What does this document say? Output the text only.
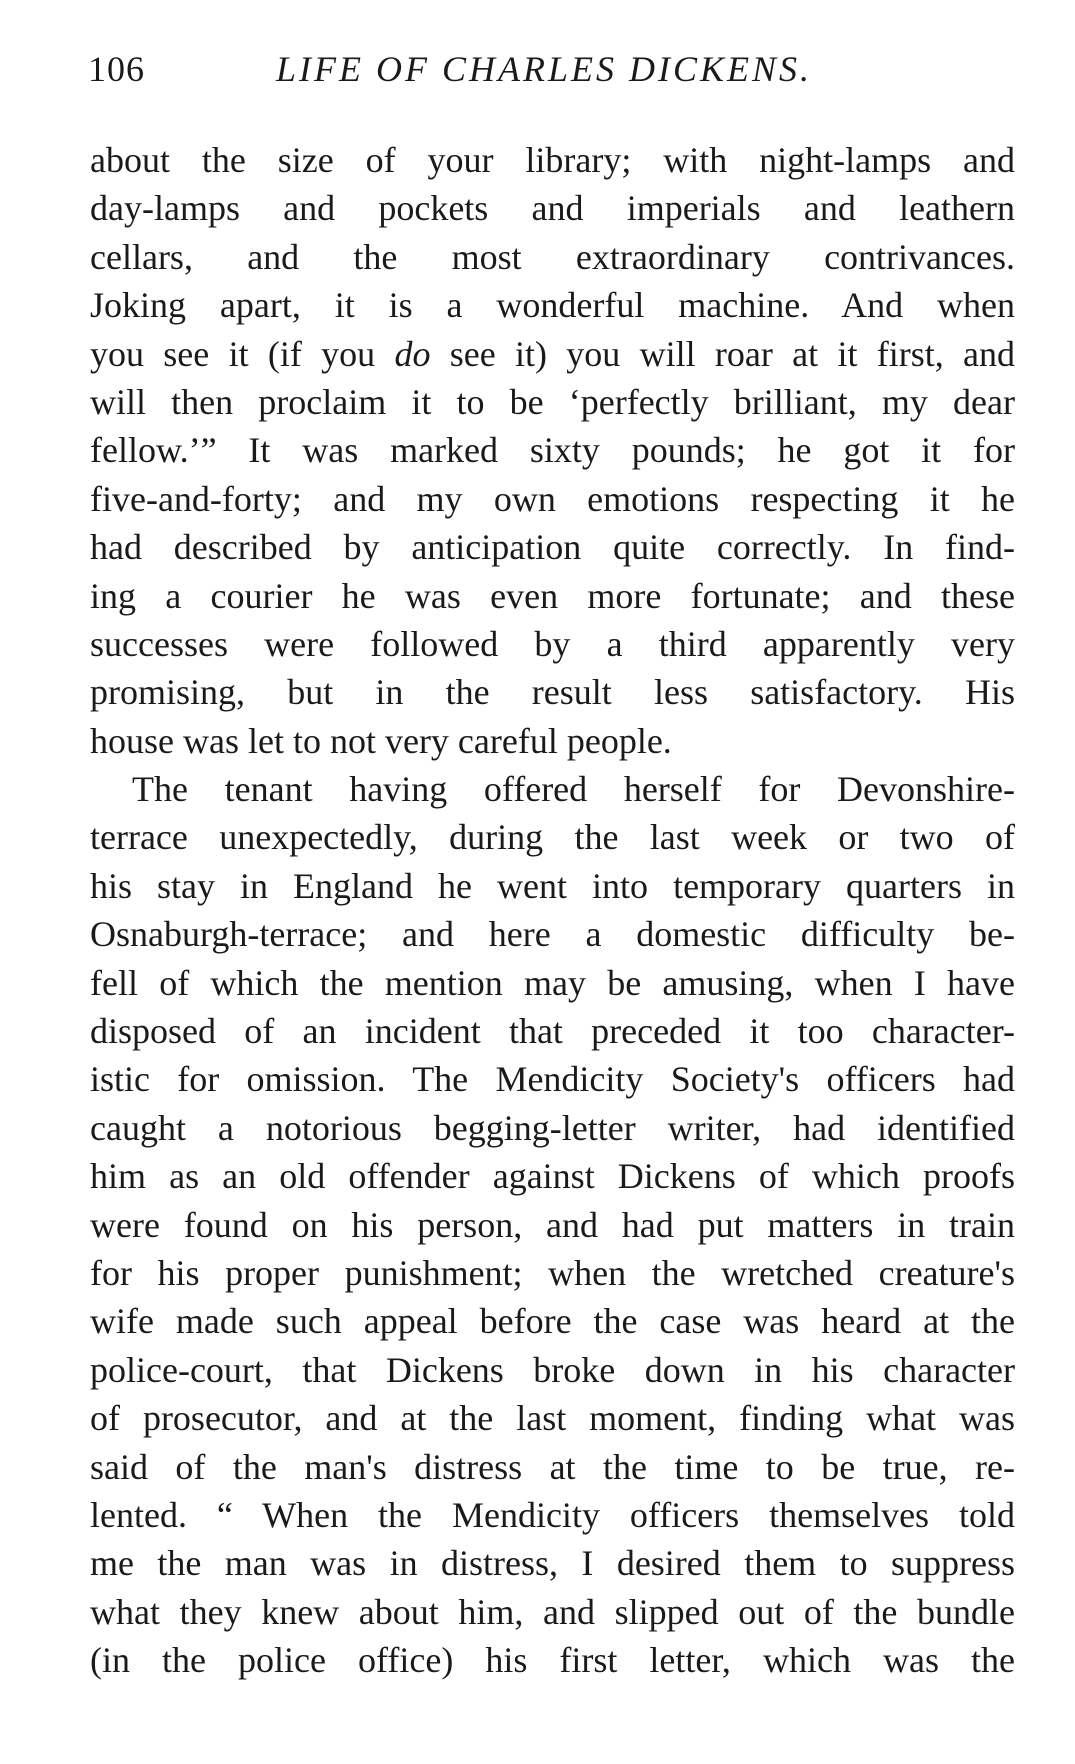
106	LIFE OF CHARLES DICKENS.
about the size of your library; with night-lamps and
day-lamps and pockets and imperials and leathern
cellars, and the most extraordinary contrivances.
Joking apart, it is a wonderful machine. And when
you see it (if you do see it) you will roar at it first, and
will then proclaim it to be ‘perfectly brilliant, my dear
fellow.’” It was marked sixty pounds; he got it for
five-and-forty; and my own emotions respecting it he
had described by anticipation quite correctly. In find-
ing a courier he was even more fortunate; and these
successes were followed by a third apparently very
promising, but in the result less satisfactory. His
house was let to not very careful people.
The tenant having offered herself for Devonshire-
terrace unexpectedly, during the last week or two of
his stay in England he went into temporary quarters in
Osnaburgh-terrace; and here a domestic difficulty be-
fell of which the mention may be amusing, when I have
disposed of an incident that preceded it too character-
istic for omission. The Mendicity Society's officers had
caught a notorious begging-letter writer, had identified
him as an old offender against Dickens of which proofs
were found on his person, and had put matters in train
for his proper punishment; when the wretched creature's
wife made such appeal before the case was heard at the
police-court, that Dickens broke down in his character
of prosecutor, and at the last moment, finding what was
said of the man's distress at the time to be true, re-
lented. “ When the Mendicity officers themselves told
me the man was in distress, I desired them to suppress
what they knew about him, and slipped out of the bundle
(in the police office) his first letter, which was the
